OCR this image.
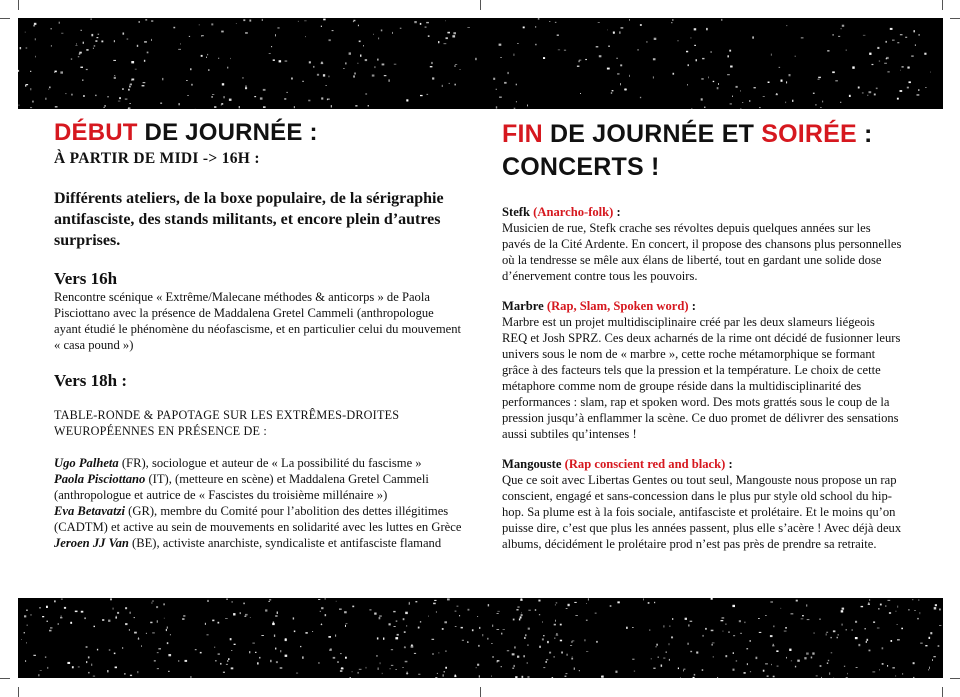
DÉBUT DE JOURNÉE :
À PARTIR DE MIDI -> 16H :

Différents ateliers, de la boxe populaire, de la sérigraphie antifasciste, des stands militants, et encore plein d’autres surprises.

Vers 16h

Rencontre scénique « Extrême/Malecane méthodes & anticorps » de Paola Pisciottano avec la présence de Maddalena Gretel Cammeli (anthropologue ayant étudié le phénomène du néofascisme, et en particulier celui du mouvement « casa pound »)

Vers 18h :

TABLE-RONDE & PAPOTAGE SUR LES EXTRÊMES-DROITES WEUROPÉENNES EN PRÉSENCE DE :

Ugo Palheta (FR), sociologue et auteur de « La possibilité du fascisme »
Paola Pisciottano (IT), (metteure en scène) et Maddalena Gretel Cammeli (anthropologue et autrice de « Fascistes du troisième millénaire »)
Eva Betavatzi (GR), membre du Comité pour l’abolition des dettes illégitimes (CADTM) et active au sein de mouvements en solidarité avec les luttes en Grèce
Jeroen JJ Van (BE), activiste anarchiste, syndicaliste et antifasciste flamand
FIN DE JOURNÉE ET SOIRÉE :
CONCERTS !
Stefk (Anarcho-folk) :

Musicien de rue, Stefk crache ses révoltes depuis quelques années sur les pavés de la Cité Ardente. En concert, il propose des chansons plus personnelles où la tendresse se mêle aux élans de liberté, tout en gardant une solide dose d’énervement contre tous les pouvoirs.

Marbre (Rap, Slam, Spoken word) :

Marbre est un projet multidisciplinaire créé par les deux slameurs liégeois REQ et Josh SPRZ. Ces deux acharnés de la rime ont décidé de fusionner leurs univers sous le nom de « marbre », cette roche métamorphique se formant grâce à des facteurs tels que la pression et la température. Le choix de cette métaphore comme nom de groupe réside dans la multidisciplinarité des performances : slam, rap et spoken word. Des mots grattés sous le coup de la pression jusqu’à enflammer la scène. Ce duo promet de délivrer des sensations aussi subtiles qu’intenses !

Mangouste (Rap conscient red and black) :

Que ce soit avec Libertas Gentes ou tout seul, Mangouste nous propose un rap conscient, engagé et sans-concession dans le plus pur style old school du hip-hop. Sa plume est à la fois sociale, antifasciste et prolétaire. Et le moins qu’on puisse dire, c’est que plus les années passent, plus elle s’acère ! Avec déjà deux albums, décidément le prolétaire prod n’est pas près de prendre sa retraite.
